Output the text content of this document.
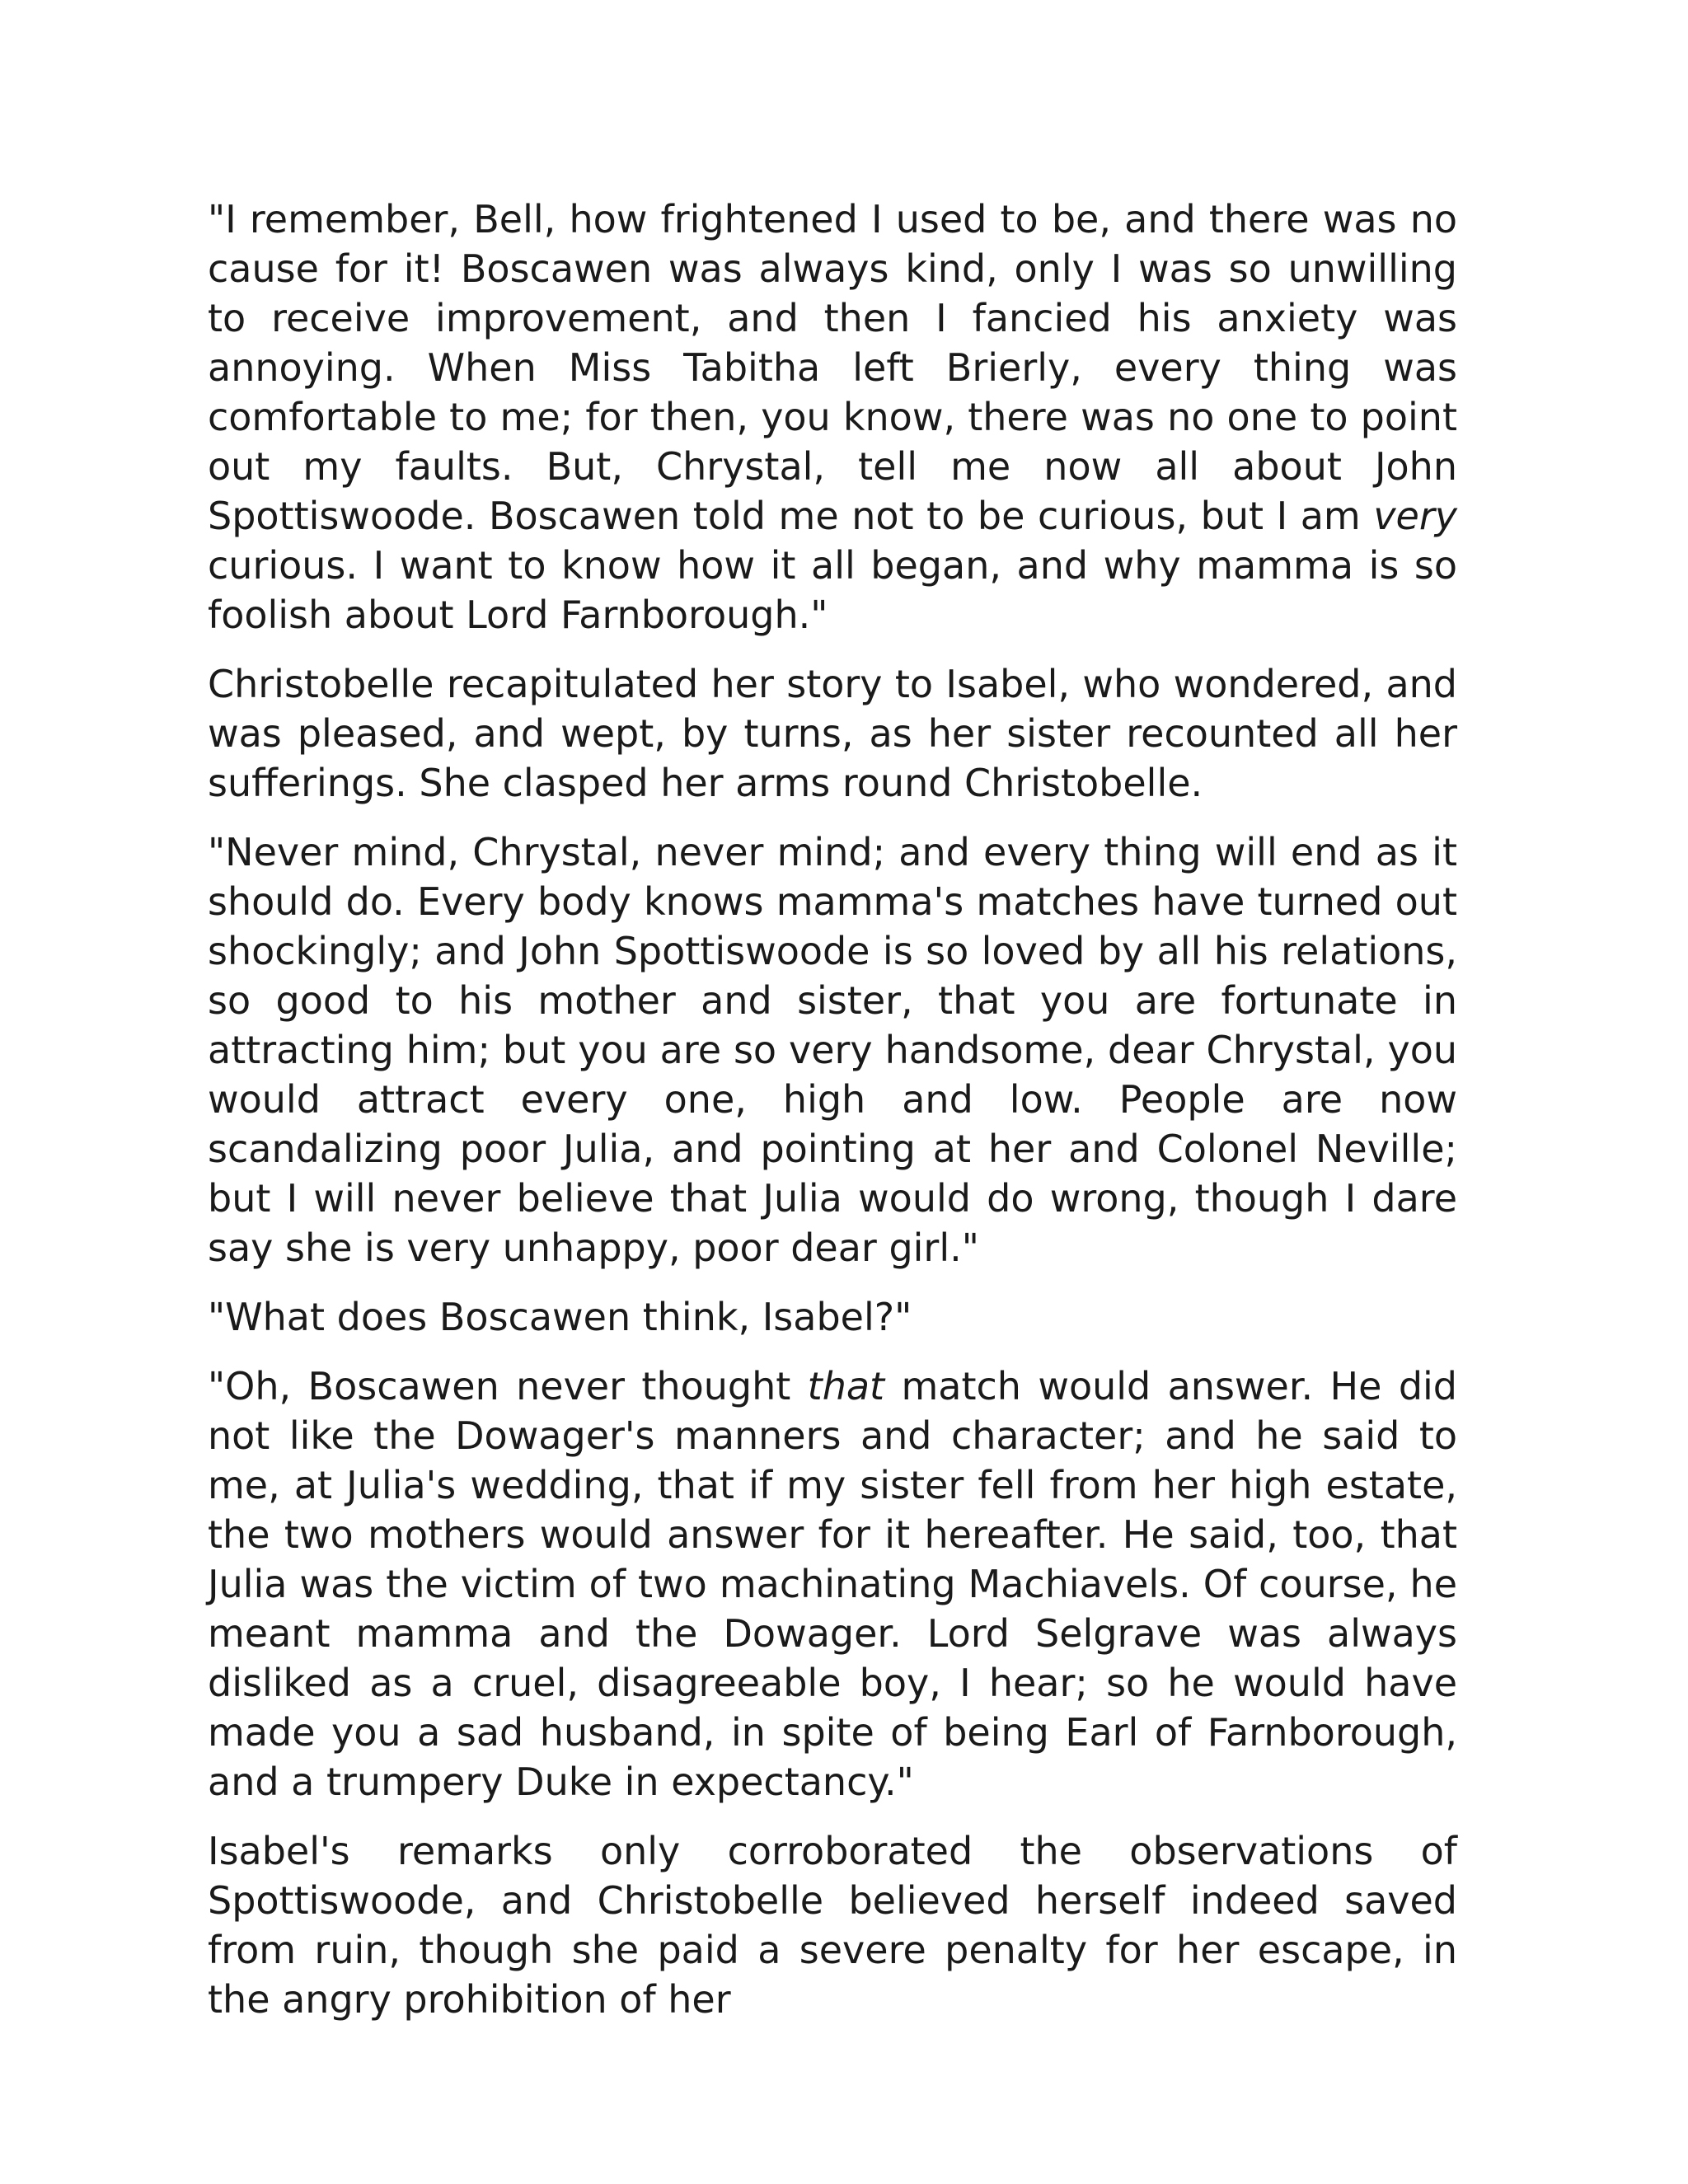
"I remember, Bell, how frightened I used to be, and there was no cause for it! Boscawen was always kind, only I was so unwilling to receive improvement, and then I fancied his anxiety was annoying. When Miss Tabitha left Brierly, every thing was comfortable to me; for then, you know, there was no one to point out my faults. But, Chrystal, tell me now all about John Spottiswoode. Boscawen told me not to be curious, but I am very curious. I want to know how it all began, and why mamma is so foolish about Lord Farnborough."

Christobelle recapitulated her story to Isabel, who wondered, and was pleased, and wept, by turns, as her sister recounted all her sufferings. She clasped her arms round Christobelle.

"Never mind, Chrystal, never mind; and every thing will end as it should do. Every body knows mamma's matches have turned out shockingly; and John Spottiswoode is so loved by all his relations, so good to his mother and sister, that you are fortunate in attracting him; but you are so very handsome, dear Chrystal, you would attract every one, high and low. People are now scandalizing poor Julia, and pointing at her and Colonel Neville; but I will never believe that Julia would do wrong, though I dare say she is very unhappy, poor dear girl."

"What does Boscawen think, Isabel?"

"Oh, Boscawen never thought that match would answer. He did not like the Dowager's manners and character; and he said to me, at Julia's wedding, that if my sister fell from her high estate, the two mothers would answer for it hereafter. He said, too, that Julia was the victim of two machinating Machiavels. Of course, he meant mamma and the Dowager. Lord Selgrave was always disliked as a cruel, disagreeable boy, I hear; so he would have made you a sad husband, in spite of being Earl of Farnborough, and a trumpery Duke in expectancy."

Isabel's remarks only corroborated the observations of Spottiswoode, and Christobelle believed herself indeed saved from ruin, though she paid a severe penalty for her escape, in the angry prohibition of her
